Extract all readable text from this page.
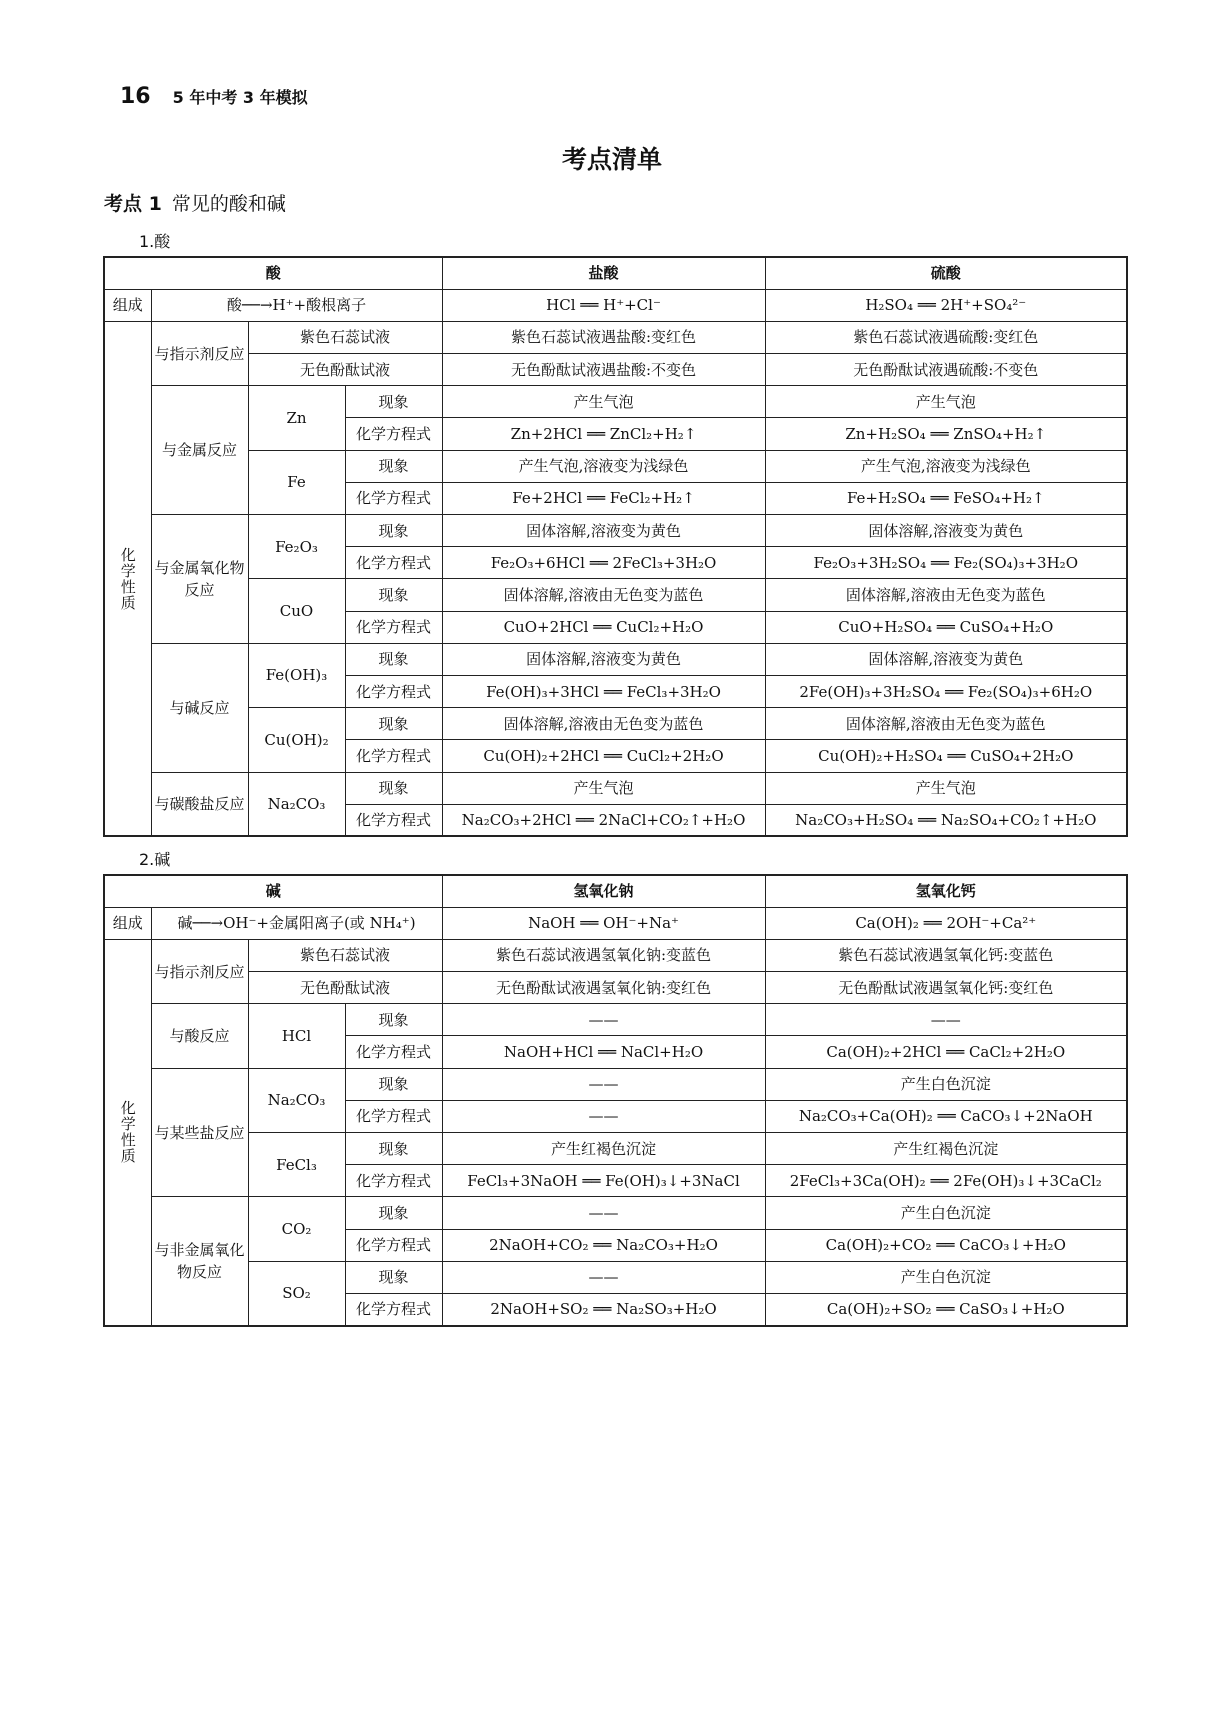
16 5 年中考 3 年模拟
考点清单
考点 1 常见的酸和碱
1.酸
酸				盐酸	硫酸
组成	酸──→H⁺+酸根离子			HCl ══ H⁺+Cl⁻	H₂SO₄ ══ 2H⁺+SO₄²⁻
化学性质	与指示剂反应	紫色石蕊试液		紫色石蕊试液遇盐酸:变红色	紫色石蕊试液遇硫酸:变红色
		无色酚酞试液		无色酚酞试液遇盐酸:不变色	无色酚酞试液遇硫酸:不变色
	与金属反应	Zn	现象	产生气泡	产生气泡
			化学方程式	Zn+2HCl ══ ZnCl₂+H₂↑	Zn+H₂SO₄ ══ ZnSO₄+H₂↑
		Fe	现象	产生气泡,溶液变为浅绿色	产生气泡,溶液变为浅绿色
			化学方程式	Fe+2HCl ══ FeCl₂+H₂↑	Fe+H₂SO₄ ══ FeSO₄+H₂↑
	与金属氧化物反应	Fe₂O₃	现象	固体溶解,溶液变为黄色	固体溶解,溶液变为黄色
			化学方程式	Fe₂O₃+6HCl ══ 2FeCl₃+3H₂O	Fe₂O₃+3H₂SO₄ ══ Fe₂(SO₄)₃+3H₂O
		CuO	现象	固体溶解,溶液由无色变为蓝色	固体溶解,溶液由无色变为蓝色
			化学方程式	CuO+2HCl ══ CuCl₂+H₂O	CuO+H₂SO₄ ══ CuSO₄+H₂O
	与碱反应	Fe(OH)₃	现象	固体溶解,溶液变为黄色	固体溶解,溶液变为黄色
			化学方程式	Fe(OH)₃+3HCl ══ FeCl₃+3H₂O	2Fe(OH)₃+3H₂SO₄ ══ Fe₂(SO₄)₃+6H₂O
		Cu(OH)₂	现象	固体溶解,溶液由无色变为蓝色	固体溶解,溶液由无色变为蓝色
			化学方程式	Cu(OH)₂+2HCl ══ CuCl₂+2H₂O	Cu(OH)₂+H₂SO₄ ══ CuSO₄+2H₂O
	与碳酸盐反应	Na₂CO₃	现象	产生气泡	产生气泡
			化学方程式	Na₂CO₃+2HCl ══ 2NaCl+CO₂↑+H₂O	Na₂CO₃+H₂SO₄ ══ Na₂SO₄+CO₂↑+H₂O
2.碱
碱				氢氧化钠	氢氧化钙
组成	碱──→OH⁻+金属阳离子(或 NH₄⁺)			NaOH ══ OH⁻+Na⁺	Ca(OH)₂ ══ 2OH⁻+Ca²⁺
化学性质	与指示剂反应	紫色石蕊试液		紫色石蕊试液遇氢氧化钠:变蓝色	紫色石蕊试液遇氢氧化钙:变蓝色
		无色酚酞试液		无色酚酞试液遇氢氧化钠:变红色	无色酚酞试液遇氢氧化钙:变红色
	与酸反应	HCl	现象	——	——
			化学方程式	NaOH+HCl ══ NaCl+H₂O	Ca(OH)₂+2HCl ══ CaCl₂+2H₂O
	与某些盐反应	Na₂CO₃	现象	——	产生白色沉淀
			化学方程式	——	Na₂CO₃+Ca(OH)₂ ══ CaCO₃↓+2NaOH
		FeCl₃	现象	产生红褐色沉淀	产生红褐色沉淀
			化学方程式	FeCl₃+3NaOH ══ Fe(OH)₃↓+3NaCl	2FeCl₃+3Ca(OH)₂ ══ 2Fe(OH)₃↓+3CaCl₂
	与非金属氧化物反应	CO₂	现象	——	产生白色沉淀
			化学方程式	2NaOH+CO₂ ══ Na₂CO₃+H₂O	Ca(OH)₂+CO₂ ══ CaCO₃↓+H₂O
		SO₂	现象	——	产生白色沉淀
			化学方程式	2NaOH+SO₂ ══ Na₂SO₃+H₂O	Ca(OH)₂+SO₂ ══ CaSO₃↓+H₂O
